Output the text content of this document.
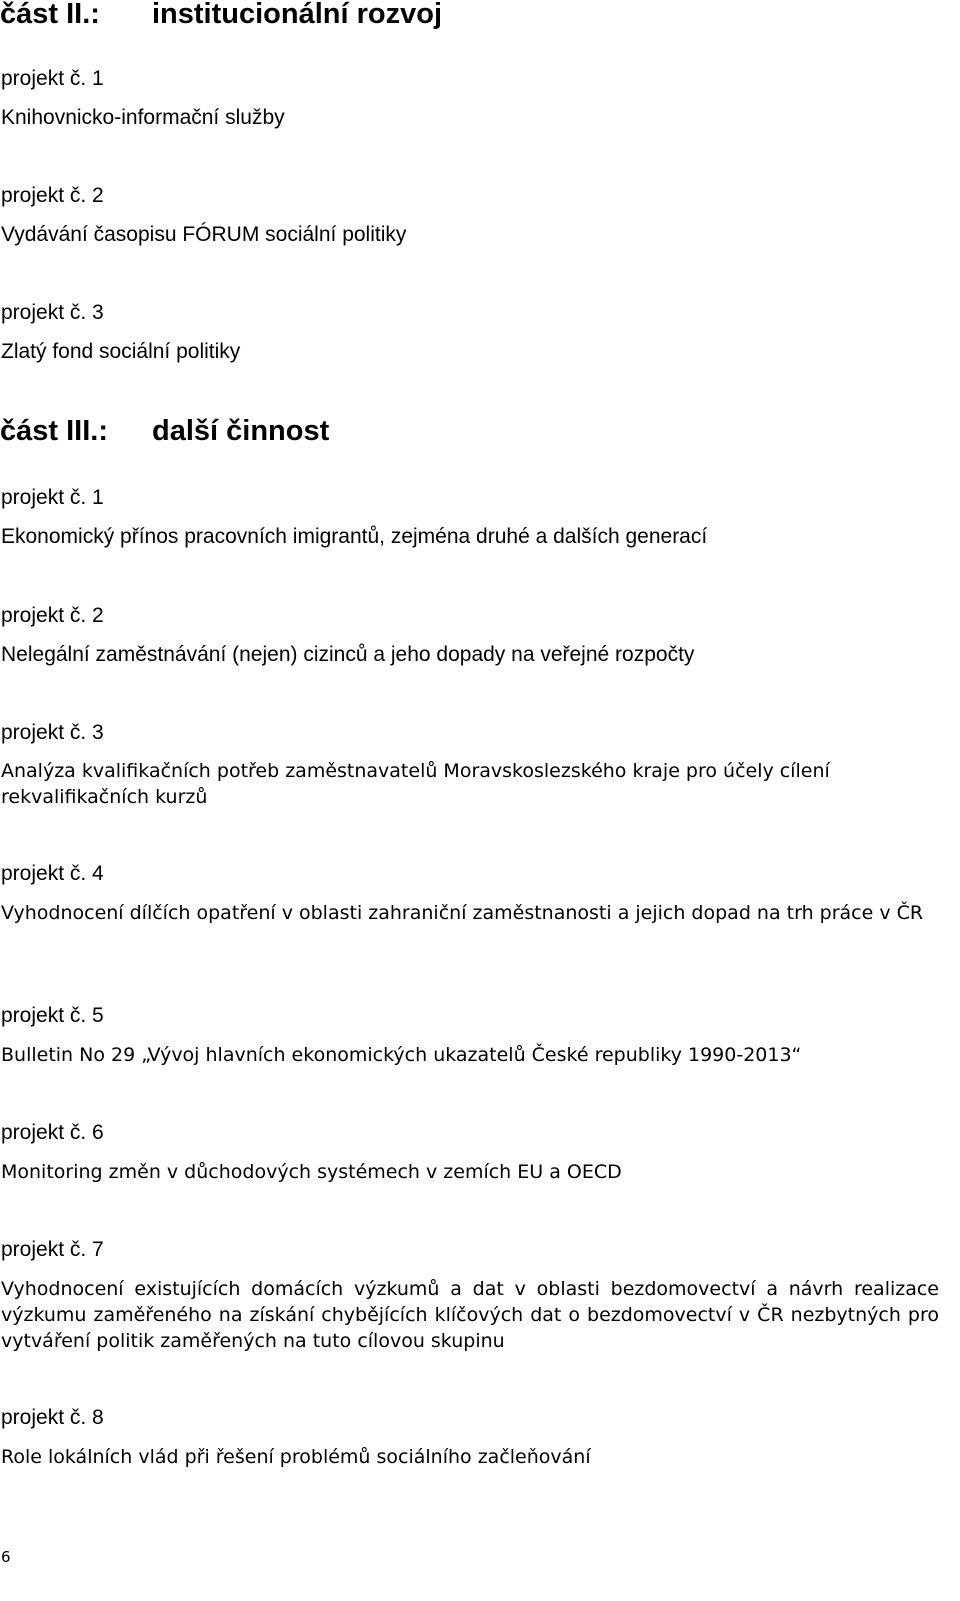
část II.: institucionální rozvoj

projekt č. 1

Knihovnicko-informační služby

projekt č. 2

Vydávání časopisu FÓRUM sociální politiky

projekt č. 3

Zlatý fond sociální politiky

část III.: další činnost

projekt č. 1

Ekonomický přínos pracovních imigrantů, zejména druhé a dalších generací

projekt č. 2

Nelegální zaměstnávání (nejen) cizinců a jeho dopady na veřejné rozpočty

projekt č. 3

Analýza kvalifikačních potřeb zaměstnavatelů Moravskoslezského kraje pro účely cílení rekvalifikačních kurzů

projekt č. 4

Vyhodnocení dílčích opatření v oblasti zahraniční zaměstnanosti a jejich dopad na trh práce v ČR

projekt č. 5

Bulletin No 29 „Vývoj hlavních ekonomických ukazatelů České republiky 1990-2013“

projekt č. 6

Monitoring změn v důchodových systémech v zemích EU a OECD

projekt č. 7

Vyhodnocení existujících domácích výzkumů a dat v oblasti bezdomovectví a návrh realizace výzkumu zaměřeného na získání chybějících klíčových dat o bezdomovectví v ČR nezbytných pro vytváření politik zaměřených na tuto cílovou skupinu

projekt č. 8

Role lokálních vlád při řešení problémů sociálního začleňování

6
